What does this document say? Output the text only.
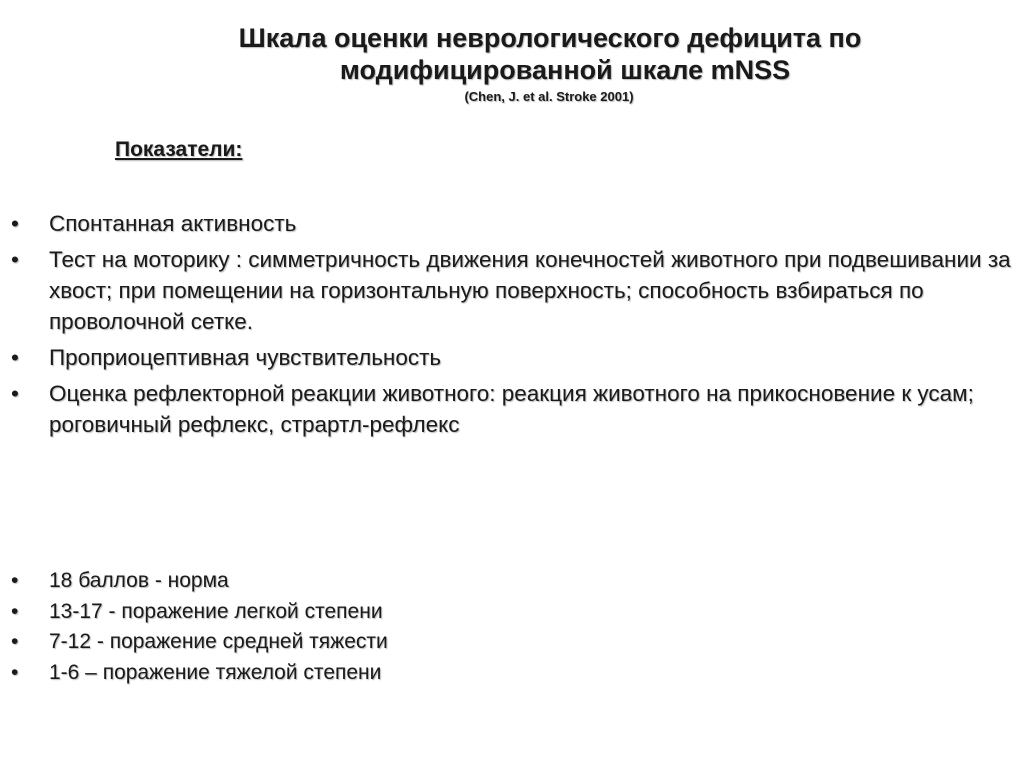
Шкала оценки неврологического дефицита по
модифицированной шкале mNSS
(Chen, J. et al. Stroke 2001)
Показатели:
• Спонтанная активность
• Тест на моторику : симметричность движения конечностей животного при подвешивании за хвост; при помещении на горизонтальную поверхность; способность взбираться по проволочной сетке.
• Проприоцептивная чувствительность
• Оценка рефлекторной реакции животного: реакция животного на прикосновение к усам; роговичный рефлекс, страртл-рефлекс
• 18 баллов - норма
• 13-17 - поражение легкой степени
• 7-12 - поражение средней тяжести
• 1-6 – поражение тяжелой степени
